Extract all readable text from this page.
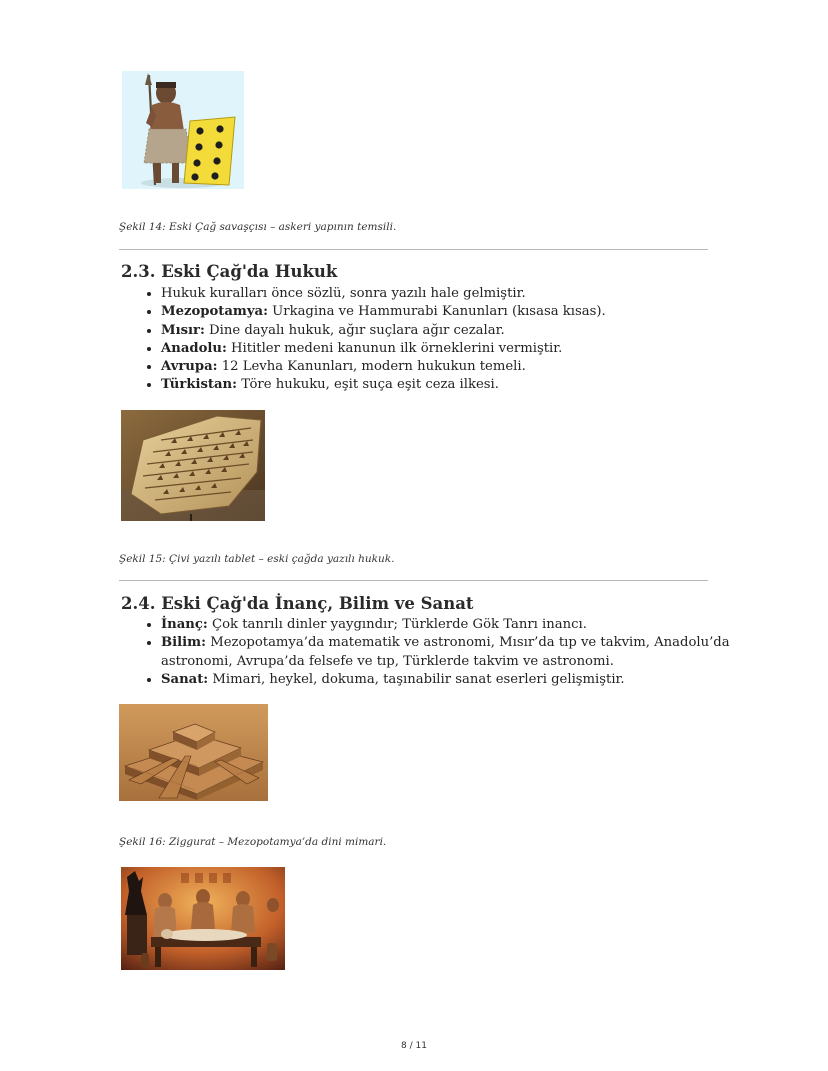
Şekil 14: Eski Çağ savaşçısı – askeri yapının temsili.
2.3. Eski Çağ'da Hukuk
• Hukuk kuralları önce sözlü, sonra yazılı hale gelmiştir.
• Mezopotamya: Urkagina ve Hammurabi Kanunları (kısasa kısas).
• Mısır: Dine dayalı hukuk, ağır suçlara ağır cezalar.
• Anadolu: Hititler medeni kanunun ilk örneklerini vermiştir.
• Avrupa: 12 Levha Kanunları, modern hukukun temeli.
• Türkistan: Töre hukuku, eşit suça eşit ceza ilkesi.
Şekil 15: Çivi yazılı tablet – eski çağda yazılı hukuk.
2.4. Eski Çağ'da İnanç, Bilim ve Sanat
• İnanç: Çok tanrılı dinler yaygındır; Türklerde Gök Tanrı inancı.
• Bilim: Mezopotamya’da matematik ve astronomi, Mısır’da tıp ve takvim, Anadolu’da astronomi, Avrupa’da felsefe ve tıp, Türklerde takvim ve astronomi.
• Sanat: Mimari, heykel, dokuma, taşınabilir sanat eserleri gelişmiştir.
Şekil 16: Ziggurat – Mezopotamya’da dini mimari.
8 / 11
